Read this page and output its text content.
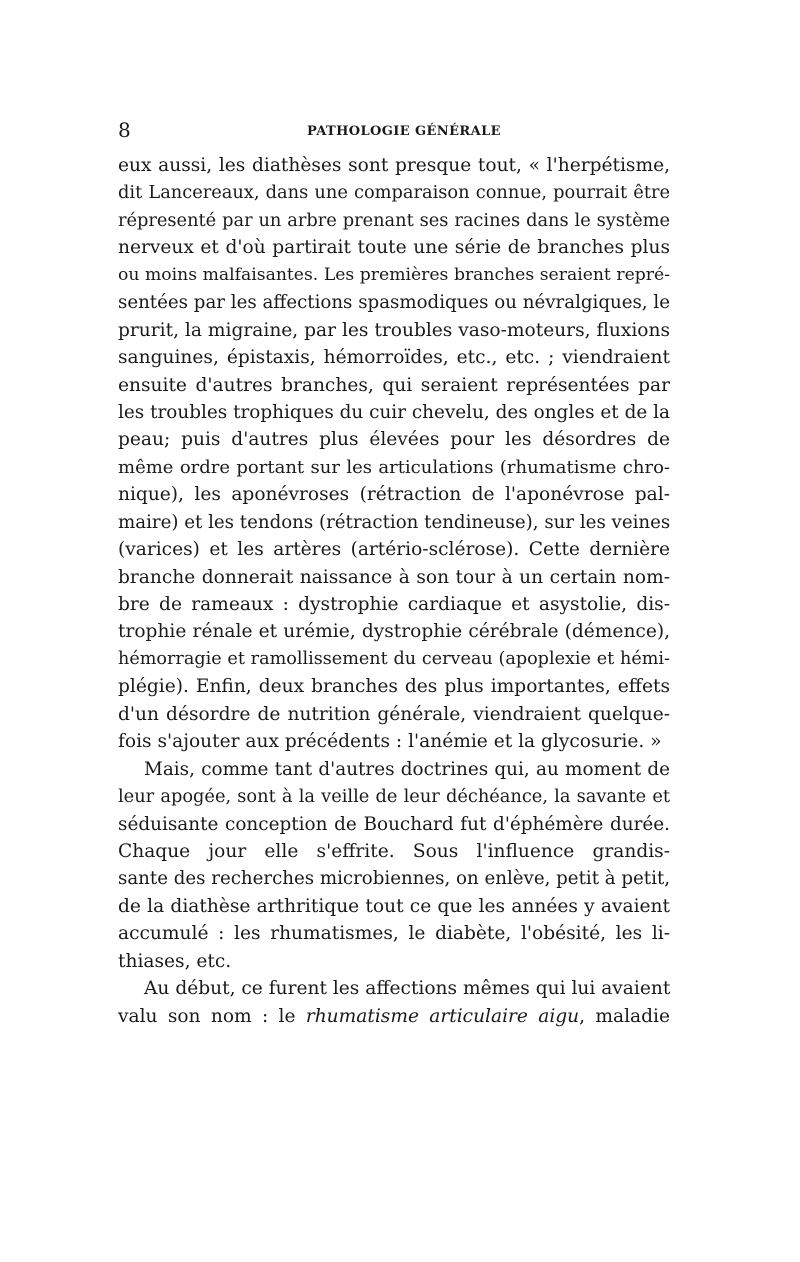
8	PATHOLOGIE GÉNÉRALE
eux aussi, les diathèses sont presque tout, « l'herpétisme,
dit Lancereaux, dans une comparaison connue, pourrait être
répresenté par un arbre prenant ses racines dans le système
nerveux et d'où partirait toute une série de branches plus
ou moins malfaisantes. Les premières branches seraient repré-
sentées par les affections spasmodiques ou névralgiques, le
prurit, la migraine, par les troubles vaso-moteurs, fluxions
sanguines, épistaxis, hémorroïdes, etc., etc. ; viendraient
ensuite d'autres branches, qui seraient représentées par
les troubles trophiques du cuir chevelu, des ongles et de la
peau; puis d'autres plus élevées pour les désordres de
même ordre portant sur les articulations (rhumatisme chro-
nique), les aponévroses (rétraction de l'aponévrose pal-
maire) et les tendons (rétraction tendineuse), sur les veines
(varices) et les artères (artério-sclérose). Cette dernière
branche donnerait naissance à son tour à un certain nom-
bre de rameaux : dystrophie cardiaque et asystolie, dis-
trophie rénale et urémie, dystrophie cérébrale (démence),
hémorragie et ramollissement du cerveau (apoplexie et hémi-
plégie). Enfin, deux branches des plus importantes, effets
d'un désordre de nutrition générale, viendraient quelque-
fois s'ajouter aux précédents : l'anémie et la glycosurie. »
Mais, comme tant d'autres doctrines qui, au moment de
leur apogée, sont à la veille de leur déchéance, la savante et
séduisante conception de Bouchard fut d'éphémère durée.
Chaque jour elle s'effrite. Sous l'influence grandis-
sante des recherches microbiennes, on enlève, petit à petit,
de la diathèse arthritique tout ce que les années y avaient
accumulé : les rhumatismes, le diabète, l'obésité, les li-
thiases, etc.
Au début, ce furent les affections mêmes qui lui avaient
valu son nom : le rhumatisme articulaire aigu, maladie
